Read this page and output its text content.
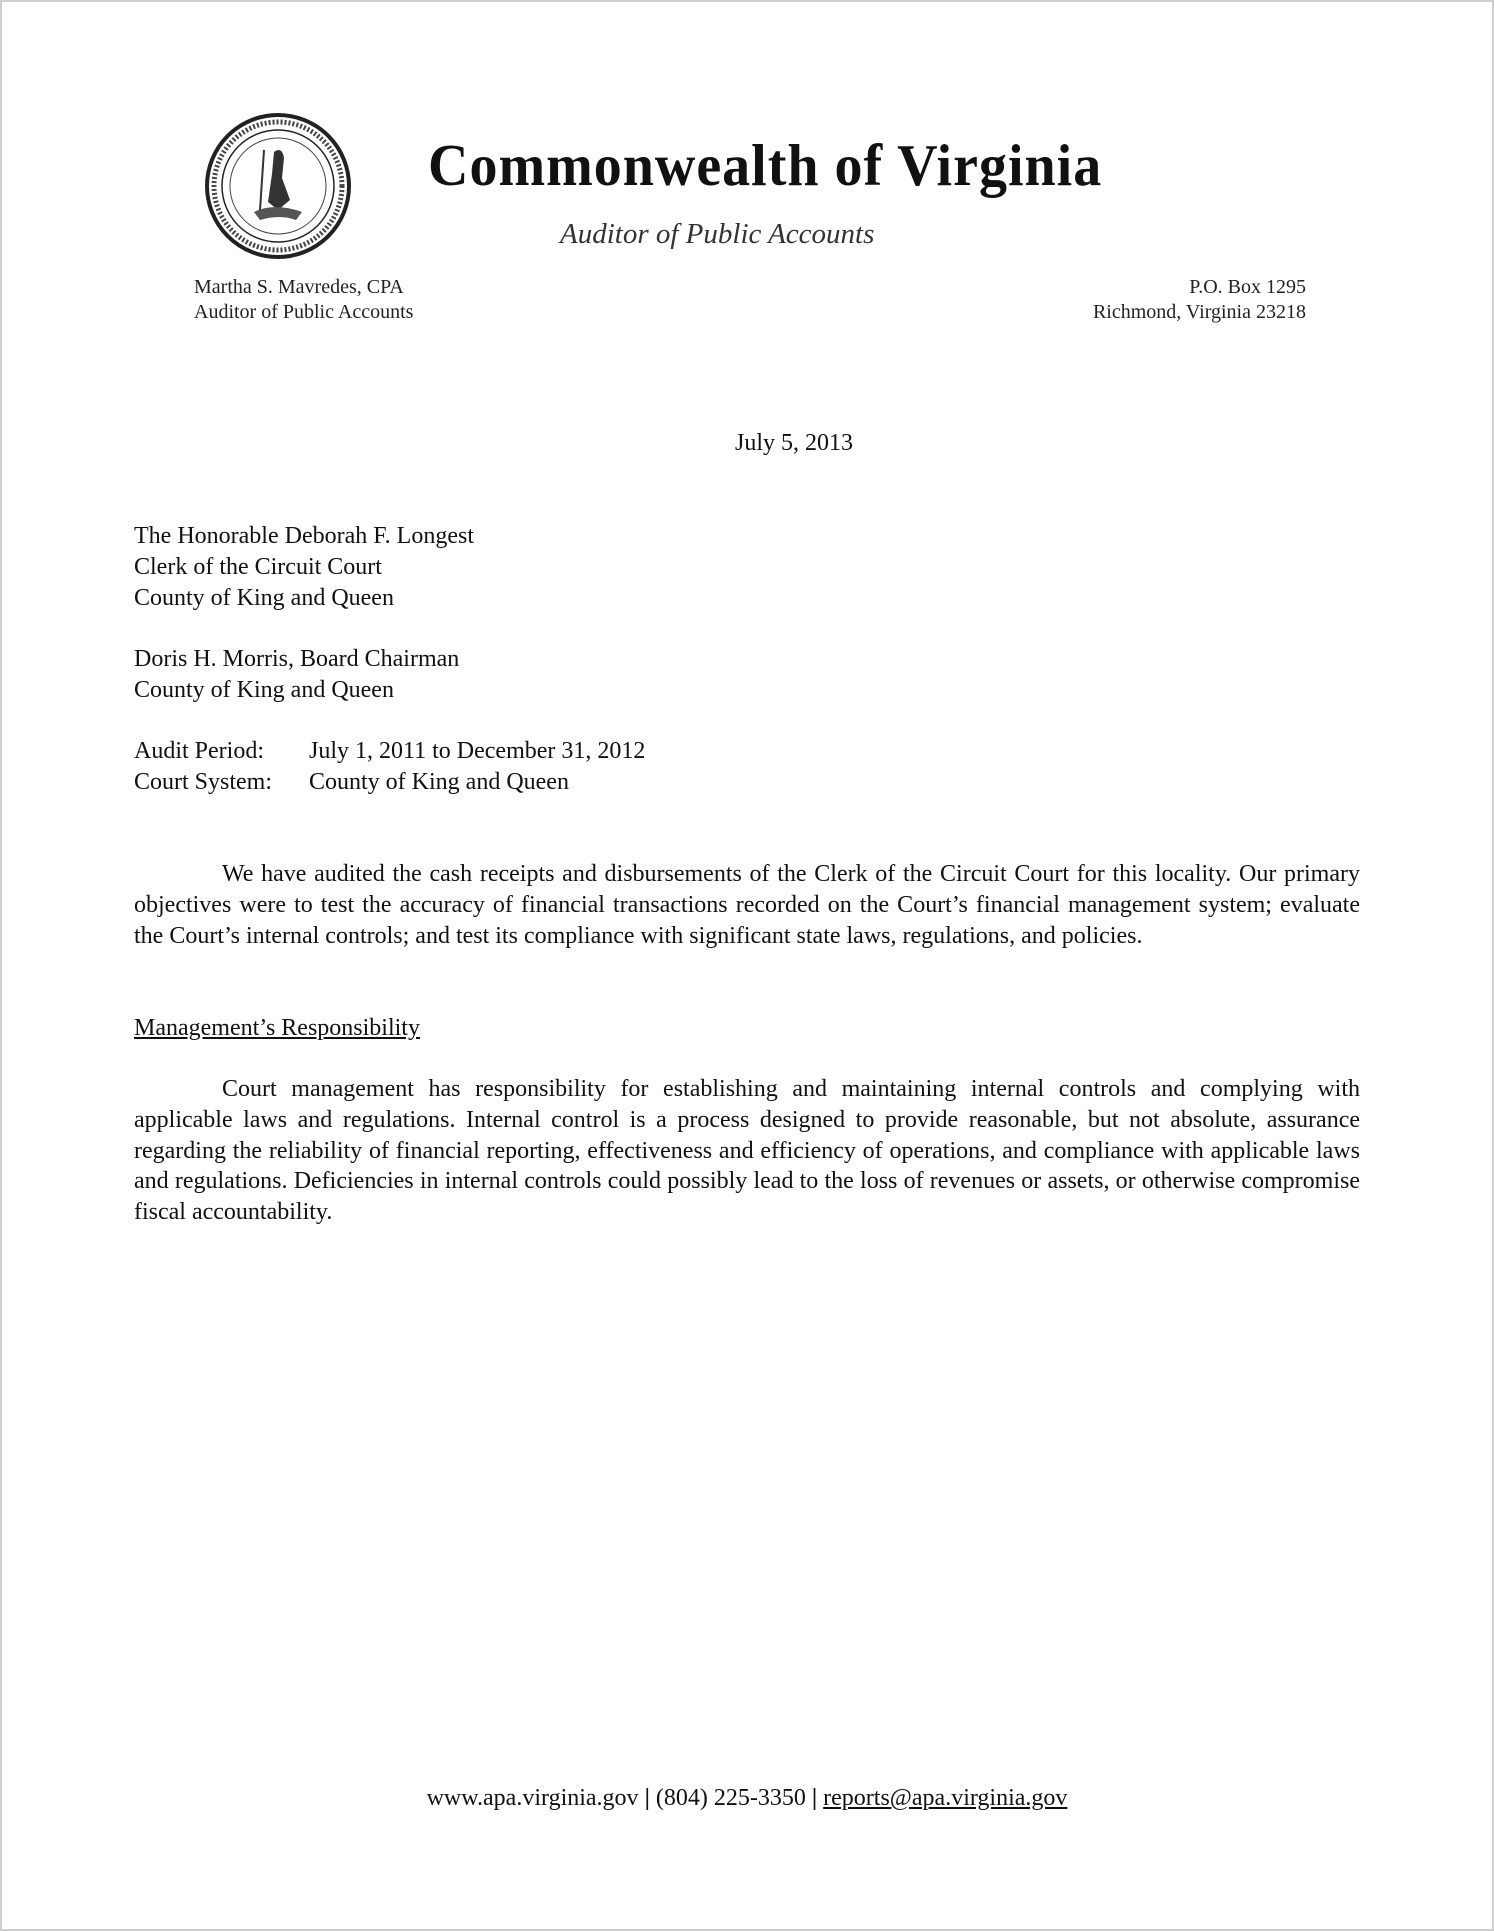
Commonwealth of Virginia
Auditor of Public Accounts
Martha S. Mavredes, CPA
Auditor of Public Accounts
P.O. Box 1295
Richmond, Virginia 23218
July 5, 2013
The Honorable Deborah F. Longest
Clerk of the Circuit Court
County of King and Queen
Doris H. Morris, Board Chairman
County of King and Queen
Audit Period:	July 1, 2011 to December 31, 2012
Court System:	County of King and Queen

We have audited the cash receipts and disbursements of the Clerk of the Circuit Court for this locality. Our primary objectives were to test the accuracy of financial transactions recorded on the Court’s financial management system; evaluate the Court’s internal controls; and test its compliance with significant state laws, regulations, and policies.

Management’s Responsibility

Court management has responsibility for establishing and maintaining internal controls and complying with applicable laws and regulations. Internal control is a process designed to provide reasonable, but not absolute, assurance regarding the reliability of financial reporting, effectiveness and efficiency of operations, and compliance with applicable laws and regulations. Deficiencies in internal controls could possibly lead to the loss of revenues or assets, or otherwise compromise fiscal accountability.

www.apa.virginia.gov | (804) 225-3350 | reports@apa.virginia.gov
